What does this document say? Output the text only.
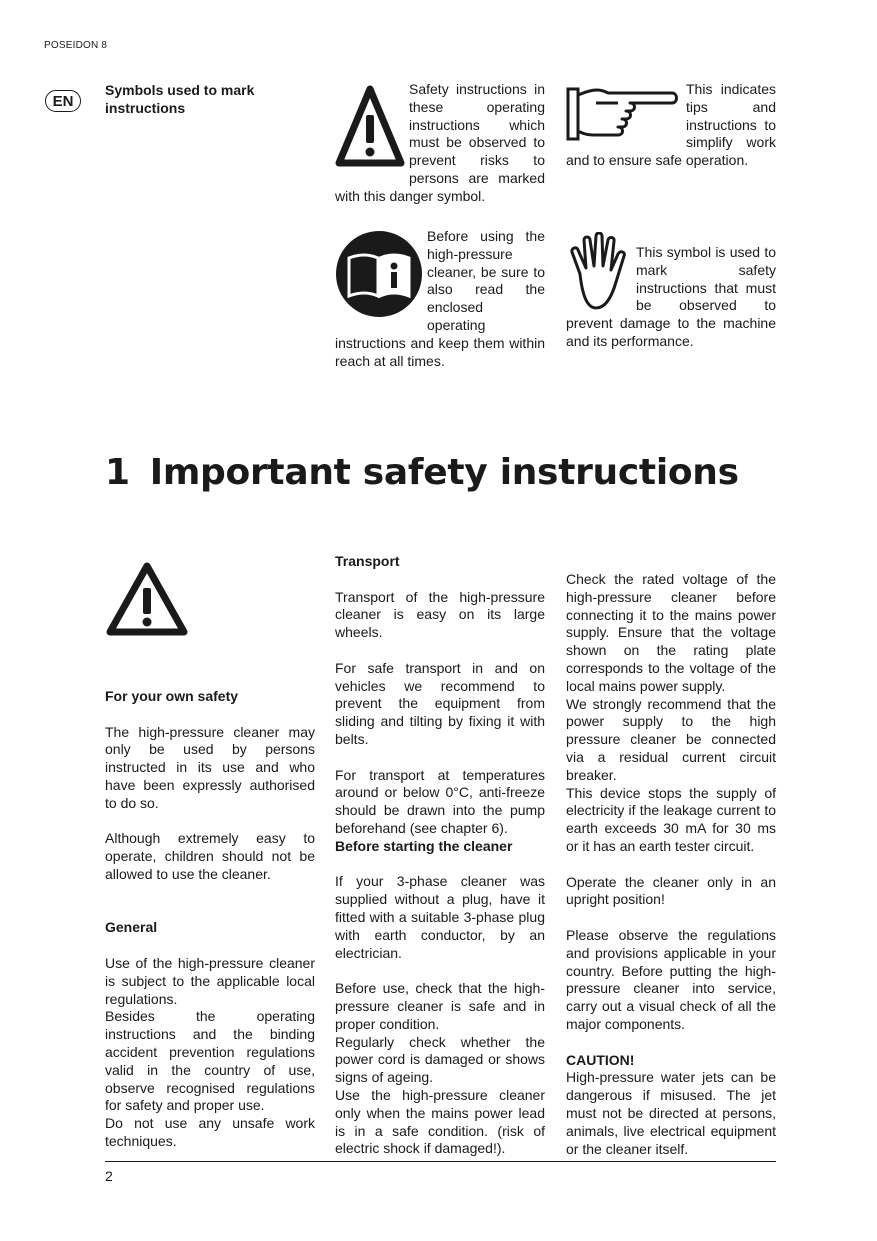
POSEIDON 8
EN
Symbols used to mark instructions

Safety instructions in these operating instructions which must be observed to prevent risks to persons are marked with this danger symbol.

This indicates tips and instructions to simplify work and to ensure safe operation.

Before using the high-pressure cleaner, be sure to also read the enclosed operating instructions and keep them within reach at all times.

This symbol is used to mark safety instructions that must be observed to prevent damage to the machine and its performance.

1 Important safety instructions

For your own safety

The high-pressure cleaner may only be used by persons instructed in its use and who have been expressly authorised to do so.

Although extremely easy to operate, children should not be allowed to use the cleaner.

General

Use of the high-pressure cleaner is subject to the applicable local regulations.

Besides the operating instructions and the binding accident prevention regulations valid in the country of use, observe recognised regulations for safety and proper use.

Do not use any unsafe work techniques.

Transport

Transport of the high-pressure cleaner is easy on its large wheels.

For safe transport in and on vehicles we recommend to prevent the equipment from sliding and tilting by fixing it with belts.

For transport at temperatures around or below 0°C, anti-freeze should be drawn into the pump beforehand (see chapter 6).

Before starting the cleaner

If your 3-phase cleaner was supplied without a plug, have it fitted with a suitable 3-phase plug with earth conductor, by an electrician.

Before use, check that the high-pressure cleaner is safe and in proper condition.

Regularly check whether the power cord is damaged or shows signs of ageing.

Use the high-pressure cleaner only when the mains power lead is in a safe condition. (risk of electric shock if damaged!).

Check the rated voltage of the high-pressure cleaner before connecting it to the mains power supply. Ensure that the voltage shown on the rating plate corresponds to the voltage of the local mains power supply.

We strongly recommend that the power supply to the high pressure cleaner be connected via a residual current circuit breaker.

This device stops the supply of electricity if the leakage current to earth exceeds 30 mA for 30 ms or it has an earth tester circuit.

Operate the cleaner only in an upright position!

Please observe the regulations and provisions applicable in your country. Before putting the high-pressure cleaner into service, carry out a visual check of all the major components.

CAUTION!

High-pressure water jets can be dangerous if misused. The jet must not be directed at persons, animals, live electrical equipment or the cleaner itself.

2
